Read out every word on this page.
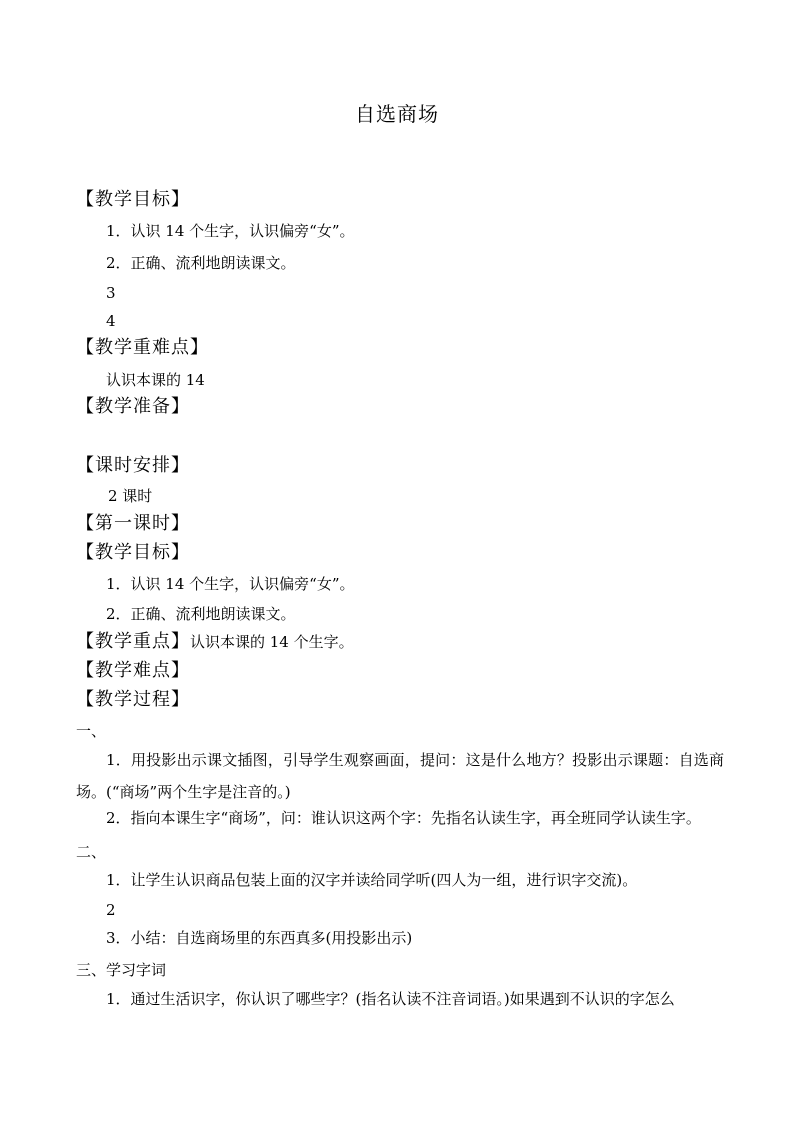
自选商场
【教学目标】
1．认识 14 个生字，认识偏旁“女”。
2．正确、流利地朗读课文。
3
4
【教学重难点】
认识本课的 14
【教学准备】
【课时安排】
2 课时
【第一课时】
【教学目标】
1．认识 14 个生字，认识偏旁“女”。
2．正确、流利地朗读课文。
【教学重点】认识本课的 14 个生字。
【教学难点】
【教学过程】
一、
1．用投影出示课文插图，引导学生观察画面，提问：这是什么地方？投影出示课题：自选商场。(“商场”两个生字是注音的。)
2．指向本课生字“商场”，问：谁认识这两个字：先指名认读生字，再全班同学认读生字。
二、
1．让学生认识商品包装上面的汉字并读给同学听(四人为一组，进行识字交流)。
2
3．小结：自选商场里的东西真多(用投影出示)
三、学习字词
1．通过生活识字，你认识了哪些字？(指名认读不注音词语。)如果遇到不认识的字怎么
